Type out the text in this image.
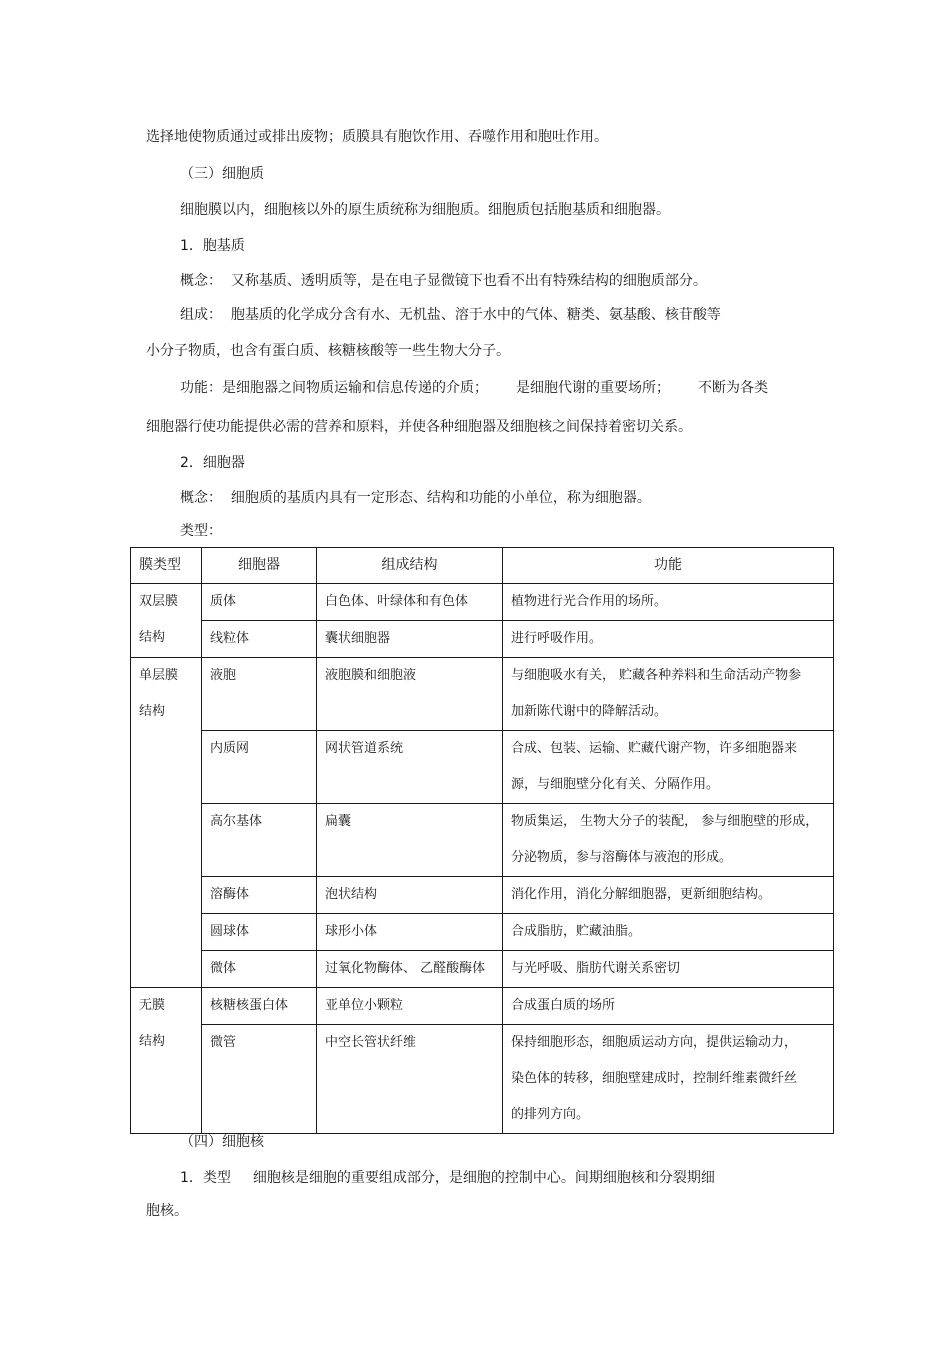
选择地使物质通过或排出废物；质膜具有胞饮作用、吞噬作用和胞吐作用。
（三）细胞质
细胞膜以内，细胞核以外的原生质统称为细胞质。细胞质包括胞基质和细胞器。
1．胞基质
概念：  又称基质、透明质等，是在电子显微镜下也看不出有特殊结构的细胞质部分。
组成：  胞基质的化学成分含有水、无机盐、溶于水中的气体、糖类、氨基酸、核苷酸等
小分子物质，也含有蛋白质、核糖核酸等一些生物大分子。
功能：是细胞器之间物质运输和信息传递的介质； 是细胞代谢的重要场所； 不断为各类
细胞器行使功能提供必需的营养和原料，并使各种细胞器及细胞核之间保持着密切关系。
2．细胞器
概念：  细胞质的基质内具有一定形态、结构和功能的小单位，称为细胞器。
类型：
膜类型	细胞器	组成结构	功能
双层膜
结构	质体	白色体、叶绿体和有色体	植物进行光合作用的场所。
	线粒体	囊状细胞器	进行呼吸作用。
单层膜
结构	液胞	液胞膜和细胞液	与细胞吸水有关， 贮藏各种养料和生命活动产物参
加新陈代谢中的降解活动。
	内质网	网状管道系统	合成、包装、运输、贮藏代谢产物，许多细胞器来
源，与细胞壁分化有关、分隔作用。
	高尔基体	扁囊	物质集运， 生物大分子的装配， 参与细胞壁的形成，
分泌物质，参与溶酶体与液泡的形成。
	溶酶体	泡状结构	消化作用，消化分解细胞器，更新细胞结构。
	圆球体	球形小体	合成脂肪，贮藏油脂。
	微体	过氧化物酶体、 乙醛酸酶体	与光呼吸、脂肪代谢关系密切
无膜
结构	核糖核蛋白体	亚单位小颗粒	合成蛋白质的场所
	微管	中空长管状纤维	保持细胞形态，细胞质运动方向，提供运输动力，
染色体的转移，细胞壁建成时，控制纤维素微纤丝
的排列方向。
（四）细胞核
1．类型 细胞核是细胞的重要组成部分，是细胞的控制中心。间期细胞核和分裂期细
胞核。
